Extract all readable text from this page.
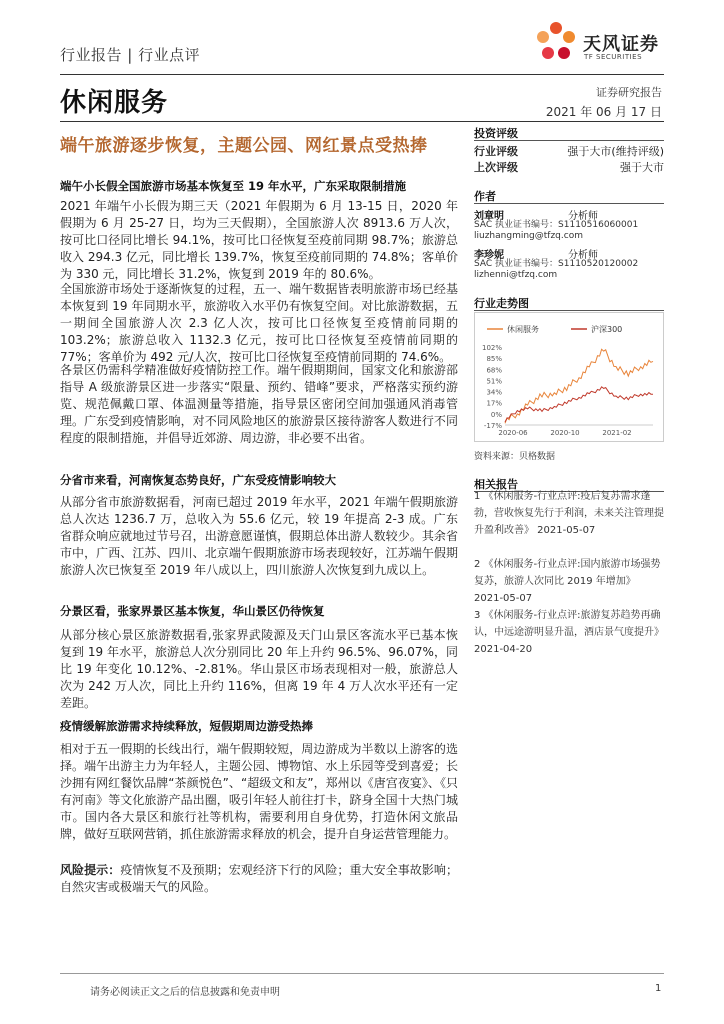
行业报告 | 行业点评	天风证券
TF SECURITIES
休闲服务	证券研究报告
2021 年 06 月 17 日
端午旅游逐步恢复，主题公园、网红景点受热捧
端午小长假全国旅游市场基本恢复至 19 年水平，广东采取限制措施

2021 年端午小长假为期三天（2021 年假期为 6 月 13-15 日，2020 年假期为 6 月 25-27 日，均为三天假期），全国旅游人次 8913.6 万人次，按可比口径同比增长 94.1%，按可比口径恢复至疫前同期 98.7%；旅游总收入 294.3 亿元，同比增长 139.7%，恢复至疫前同期的 74.8%；客单价为 330 元，同比增长 31.2%，恢复到 2019 年的 80.6%。

全国旅游市场处于逐渐恢复的过程，五一、端午数据皆表明旅游市场已经基本恢复到 19 年同期水平，旅游收入水平仍有恢复空间。对比旅游数据，五一期间全国旅游人次 2.3 亿人次，按可比口径恢复至疫情前同期的 103.2%；旅游总收入 1132.3 亿元，按可比口径恢复至疫情前同期的 77%；客单价为 492 元/人次，按可比口径恢复至疫情前同期的 74.6%。

各景区仍需科学精准做好疫情防控工作。端午假期期间，国家文化和旅游部指导 A 级旅游景区进一步落实“限量、预约、错峰”要求，严格落实预约游览、规范佩戴口罩、体温测量等措施，指导景区密闭空间加强通风消毒管理。广东受到疫情影响，对不同风险地区的旅游景区接待游客人数进行不同程度的限制措施，并倡导近郊游、周边游，非必要不出省。

分省市来看，河南恢复态势良好，广东受疫情影响较大

从部分省市旅游数据看，河南已超过 2019 年水平，2021 年端午假期旅游总人次达 1236.7 万，总收入为 55.6 亿元，较 19 年提高 2-3 成。广东省群众响应就地过节号召，出游意愿谨慎，假期总体出游人数较少。其余省市中，广西、江苏、四川、北京端午假期旅游市场表现较好，江苏端午假期旅游人次已恢复至 2019 年八成以上，四川旅游人次恢复到九成以上。

分景区看，张家界景区基本恢复，华山景区仍待恢复

从部分核心景区旅游数据看,张家界武陵源及天门山景区客流水平已基本恢复到 19 年水平，旅游总人次分别同比 20 年上升约 96.5%、96.07%，同比 19 年变化 10.12%、-2.81%。华山景区市场表现相对一般，旅游总人次为 242 万人次，同比上升约 116%，但离 19 年 4 万人次水平还有一定差距。

疫情缓解旅游需求持续释放，短假期周边游受热捧

相对于五一假期的长线出行，端午假期较短，周边游成为半数以上游客的选择。端午出游主力为年轻人，主题公园、博物馆、水上乐园等受到喜爱；长沙拥有网红餐饮品牌“茶颜悦色”、“超级文和友”，郑州以《唐宫夜宴》、《只有河南》等文化旅游产品出圈，吸引年轻人前往打卡，跻身全国十大热门城市。国内各大景区和旅行社等机构，需要利用自身优势，打造休闲文旅品牌，做好互联网营销，抓住旅游需求释放的机会，提升自身运营管理能力。

风险提示：疫情恢复不及预期；宏观经济下行的风险；重大安全事故影响；自然灾害或极端天气的风险。

投资评级
行业评级	强于大市(维持评级)
上次评级	强于大市
作者
刘章明	分析师
SAC 执业证书编号：S1110516060001
liuzhangming@tfzq.com
李珍妮	分析师
SAC 执业证书编号：S1110520120002
lizhenni@tfzq.com
行业走势图
休闲服务	沪深300
102%
85%
68%
51%
34%
17%
0%
-17%
2020-06	2020-10	2021-02
资料来源：贝格数据
相关报告
1 《休闲服务-行业点评:疫后复苏需求蓬勃，营收恢复先行于利润，未来关注管理提升盈利改善》 2021-05-07
2 《休闲服务-行业点评:国内旅游市场强势复苏，旅游人次同比 2019 年增加》 2021-05-07
3 《休闲服务-行业点评:旅游复苏趋势再确认，中远途游明显升温，酒店景气度提升》 2021-04-20
请务必阅读正文之后的信息披露和免责申明	1
